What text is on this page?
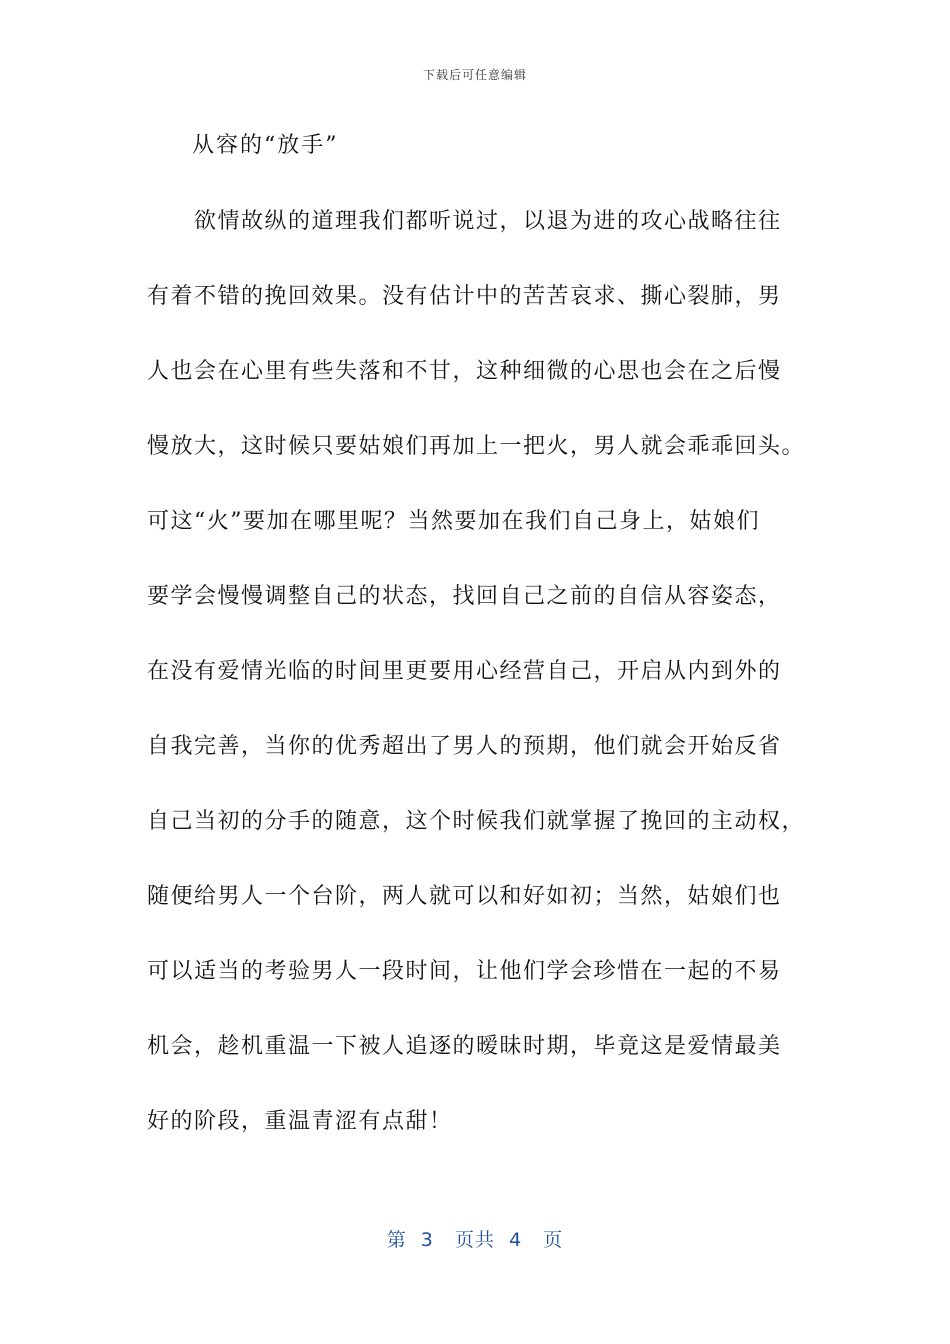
下载后可任意编辑
从容的“放手”
　　欲情故纵的道理我们都听说过，以退为进的攻心战略往往
有着不错的挽回效果。没有估计中的苦苦哀求、撕心裂肺，男
人也会在心里有些失落和不甘，这种细微的心思也会在之后慢
慢放大，这时候只要姑娘们再加上一把火，男人就会乖乖回头。
可这“火”要加在哪里呢？当然要加在我们自己身上，姑娘们
要学会慢慢调整自己的状态，找回自己之前的自信从容姿态，
在没有爱情光临的时间里更要用心经营自己，开启从内到外的
自我完善，当你的优秀超出了男人的预期，他们就会开始反省
自己当初的分手的随意，这个时候我们就掌握了挽回的主动权，
随便给男人一个台阶，两人就可以和好如初；当然，姑娘们也
可以适当的考验男人一段时间，让他们学会珍惜在一起的不易
机会，趁机重温一下被人追逐的暧昧时期，毕竟这是爱情最美
好的阶段，重温青涩有点甜！
第  3   页共  4   页
